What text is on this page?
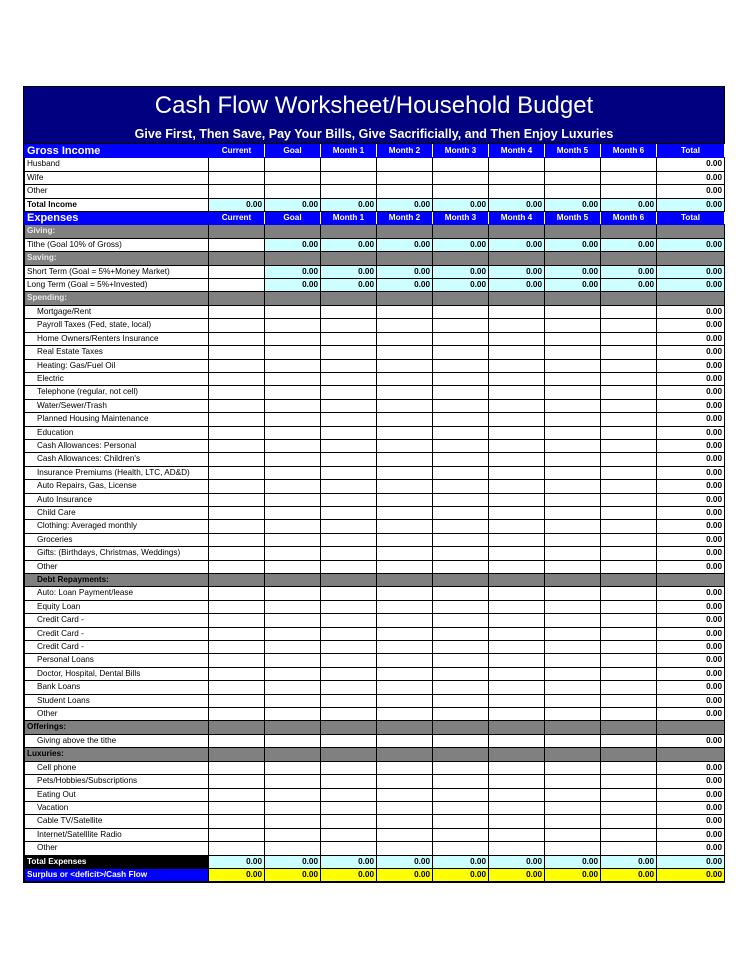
Cash Flow Worksheet/Household Budget
Give First, Then Save, Pay Your Bills, Give Sacrificially, and Then Enjoy Luxuries
Gross Income	Current	Goal	Month 1	Month 2	Month 3	Month 4	Month 5	Month 6	Total
Husband									0.00
Wife									0.00
Other									0.00
Total Income	0.00	0.00	0.00	0.00	0.00	0.00	0.00	0.00	0.00
Expenses	Current	Goal	Month 1	Month 2	Month 3	Month 4	Month 5	Month 6	Total
Giving:									
Tithe (Goal 10% of Gross)		0.00	0.00	0.00	0.00	0.00	0.00	0.00	0.00
Saving:									
Short Term (Goal = 5%+Money Market)		0.00	0.00	0.00	0.00	0.00	0.00	0.00	0.00
Long Term (Goal = 5%+Invested)		0.00	0.00	0.00	0.00	0.00	0.00	0.00	0.00
Spending:									
Mortgage/Rent									0.00
Payroll Taxes (Fed, state, local)									0.00
Home Owners/Renters Insurance									0.00
Real Estate Taxes									0.00
Heating: Gas/Fuel Oil									0.00
Electric									0.00
Telephone (regular, not cell)									0.00
Water/Sewer/Trash									0.00
Planned Housing Maintenance									0.00
Education									0.00
Cash Allowances: Personal									0.00
Cash Allowances: Children's									0.00
Insurance Premiums (Health, LTC, AD&D)									0.00
Auto Repairs, Gas, License									0.00
Auto Insurance									0.00
Child Care									0.00
Clothing: Averaged monthly									0.00
Groceries									0.00
Gifts: (Birthdays, Christmas, Weddings)									0.00
Other									0.00
Debt Repayments:									
Auto: Loan Payment/lease									0.00
Equity Loan									0.00
Credit Card -									0.00
Credit Card -									0.00
Credit Card -									0.00
Personal Loans									0.00
Doctor, Hospital, Dental Bills									0.00
Bank Loans									0.00
Student Loans									0.00
Other									0.00
Offerings:									
Giving above the tithe									0.00
Luxuries:									
Cell phone									0.00
Pets/Hobbies/Subscriptions									0.00
Eating Out									0.00
Vacation									0.00
Cable TV/Satellite									0.00
Internet/Satelllite Radio									0.00
Other									0.00
Total Expenses	0.00	0.00	0.00	0.00	0.00	0.00	0.00	0.00	0.00
Surplus or <deficit>/Cash Flow	0.00	0.00	0.00	0.00	0.00	0.00	0.00	0.00	0.00
